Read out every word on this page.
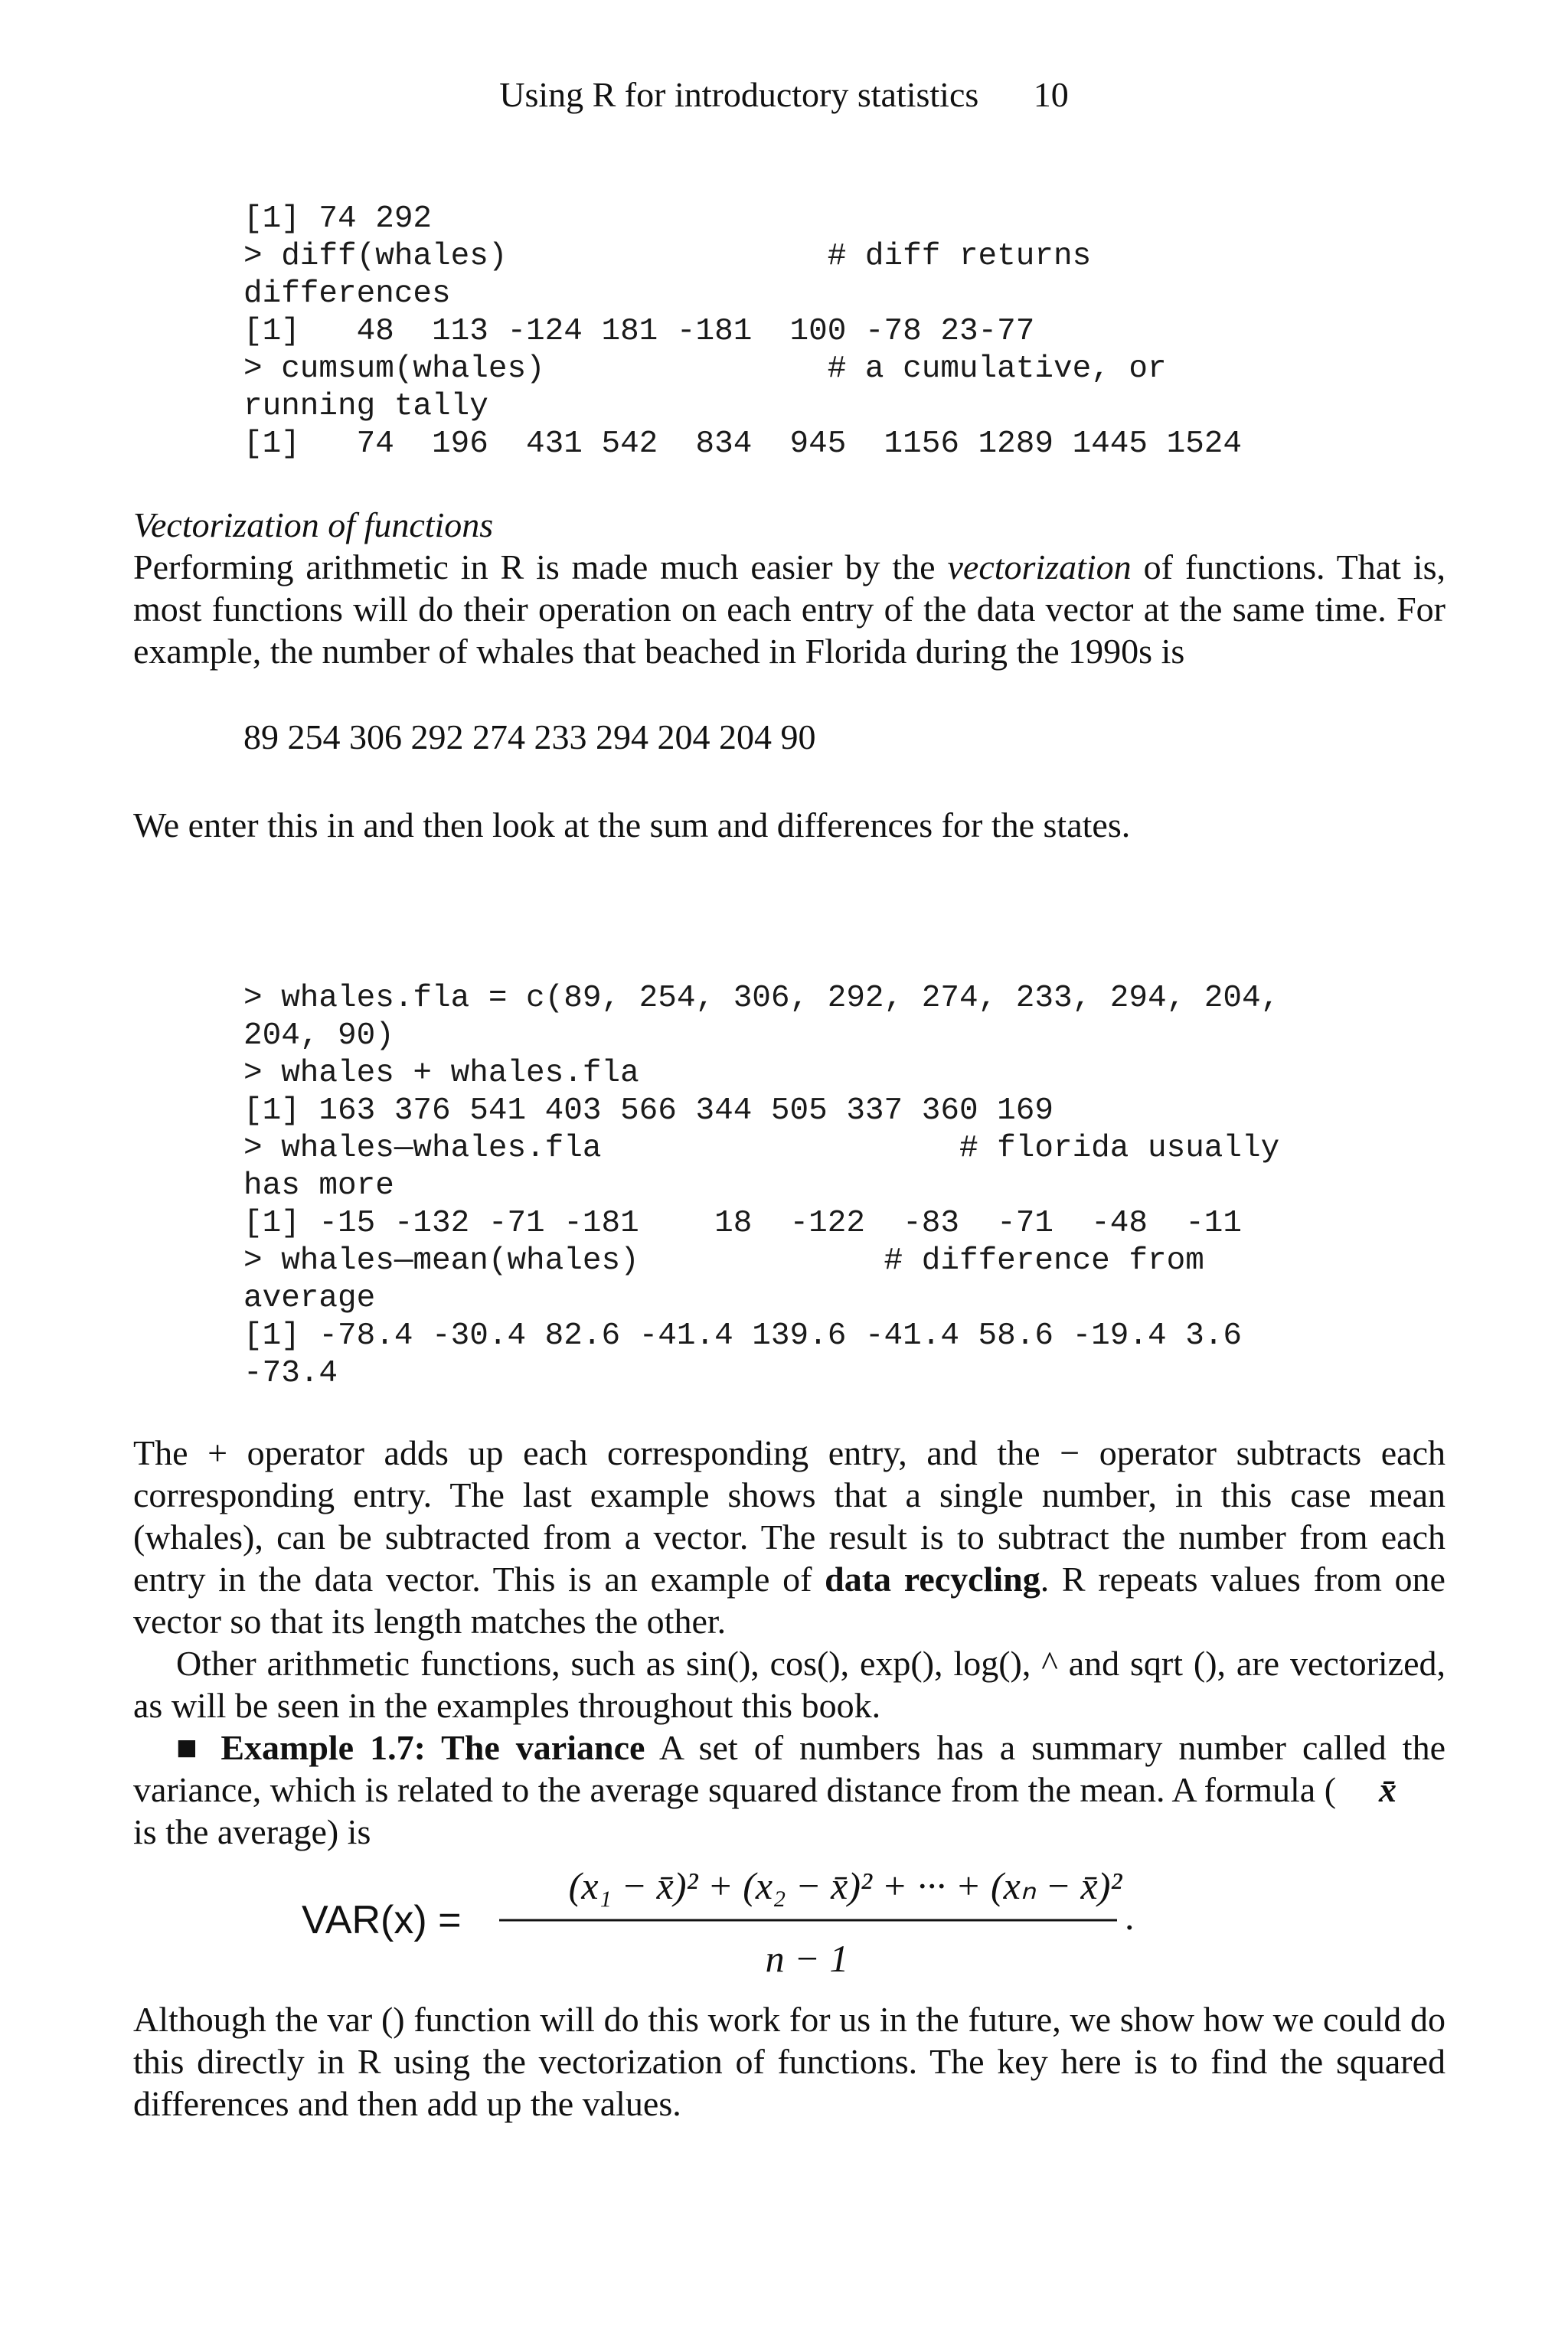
Using R for introductory statistics 10
[1] 74 292
> diff(whales)                 # diff returns
differences
[1]   48  113 -124 181 -181  100 -78 23-77
> cumsum(whales)               # a cumulative, or
running tally
[1]   74  196  431 542  834  945  1156 1289 1445 1524
Vectorization of functions

Performing arithmetic in R is made much easier by the vectorization of functions. That is, most functions will do their operation on each entry of the data vector at the same time. For example, the number of whales that beached in Florida during the 1990s is

89 254 306 292 274 233 294 204 204 90

We enter this in and then look at the sum and differences for the states.

> whales.fla = c(89, 254, 306, 292, 274, 233, 294, 204,
204, 90)
> whales + whales.fla
[1] 163 376 541 403 566 344 505 337 360 169
> whales—whales.fla                   # florida usually
has more
[1] -15 -132 -71 -181    18  -122  -83  -71  -48  -11
> whales—mean(whales)             # difference from
average
[1] -78.4 -30.4 82.6 -41.4 139.6 -41.4 58.6 -19.4 3.6
-73.4

The + operator adds up each corresponding entry, and the − operator subtracts each corresponding entry. The last example shows that a single number, in this case mean (whales), can be subtracted from a vector. The result is to subtract the number from each entry in the data vector. This is an example of data recycling. R repeats values from one vector so that its length matches the other.

Other arithmetic functions, such as sin(), cos(), exp(), log(), ^ and sqrt (), are vectorized, as will be seen in the examples throughout this book.

■ Example 1.7: The variance A set of numbers has a summary number called the variance, which is related to the average squared distance from the mean. A formula ( x̄
is the average) is

VAR(x) =
(x₁ − x̄)² + (x₂ − x̄)² + ··· + (xₙ − x̄)²
n − 1
.

Although the var () function will do this work for us in the future, we show how we could do this directly in R using the vectorization of functions. The key here is to find the squared differences and then add up the values.
